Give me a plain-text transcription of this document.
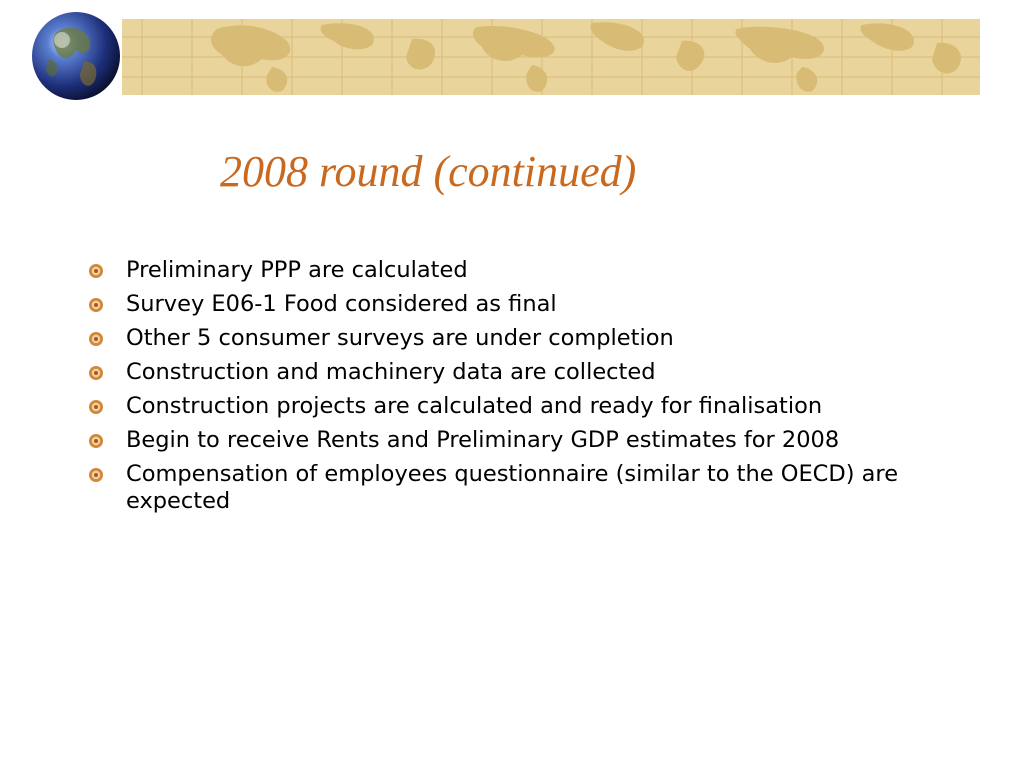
2008 round (continued)
Preliminary PPP are calculated
Survey E06-1 Food considered as final
Other 5 consumer surveys are under completion
Construction and machinery data are collected
Construction projects are calculated and ready for finalisation
Begin to receive Rents and Preliminary GDP estimates for 2008
Compensation of employees questionnaire (similar to the OECD) are expected
